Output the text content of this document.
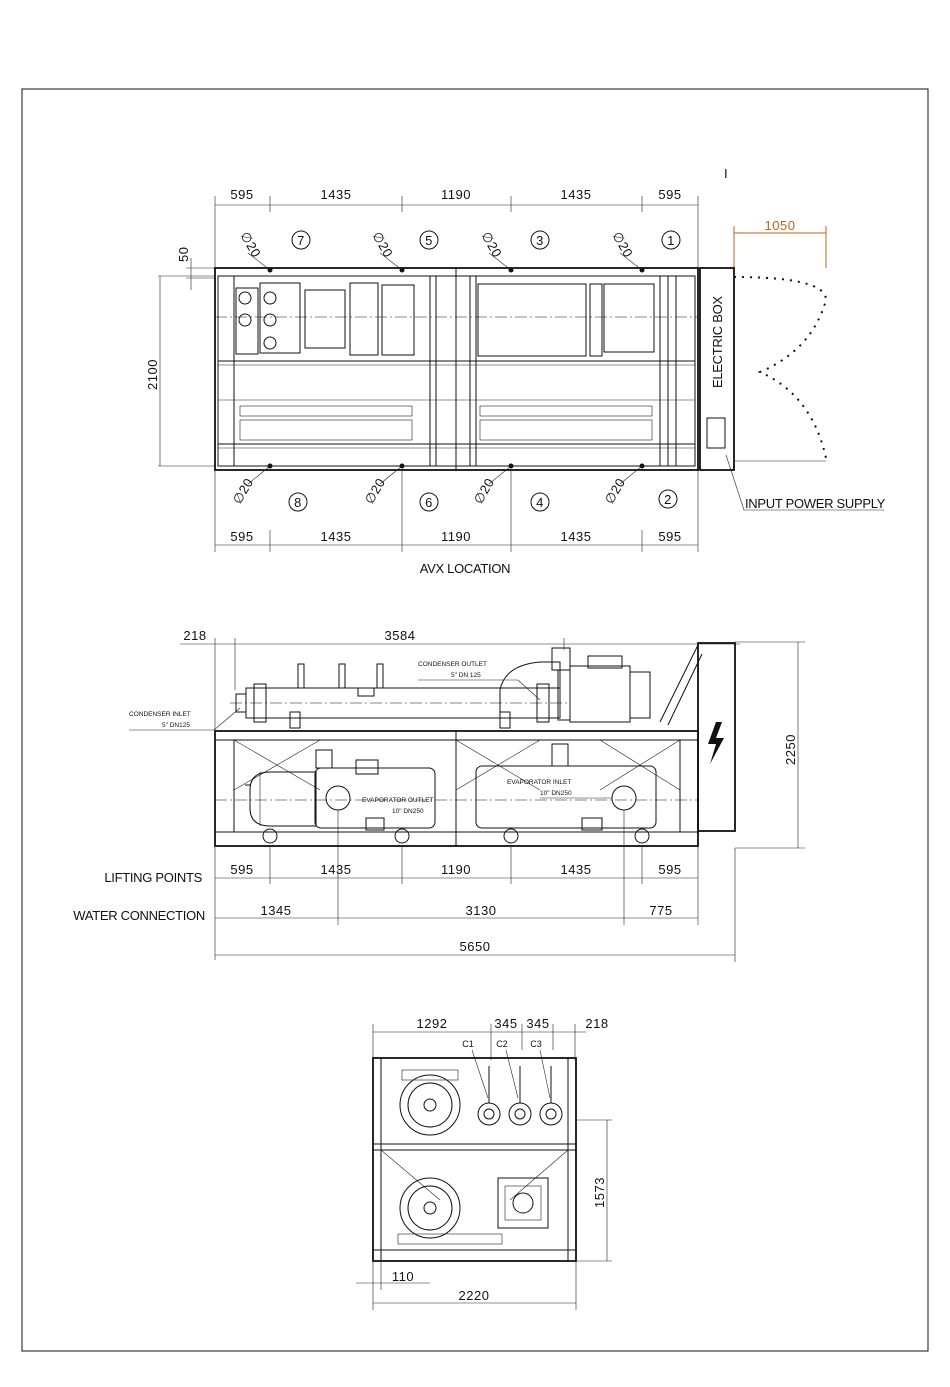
I
595	1435	1190	1435	595
1050
50
2100
∅20	∅20	∅20	∅20
∅20	∅20	∅20	∅20
7	5	3	1
8	6	4	2
ELECTRIC BOX
INPUT POWER SUPPLY
595	1435	1190	1435	595
AVX LOCATION
218	3584
2250
CONDENSER OUTLET
5" DN 125
CONDENSER INLET
5" DN125
EVAPORATOR OUTLET
10" DN250
EVAPORATOR INLET
10" DN250
LIFTING POINTS
595	1435	1190	1435	595
WATER CONNECTION	1345	3130	775
5650
1292	345 345	218
C1 C2 C3
1573
110
2220
